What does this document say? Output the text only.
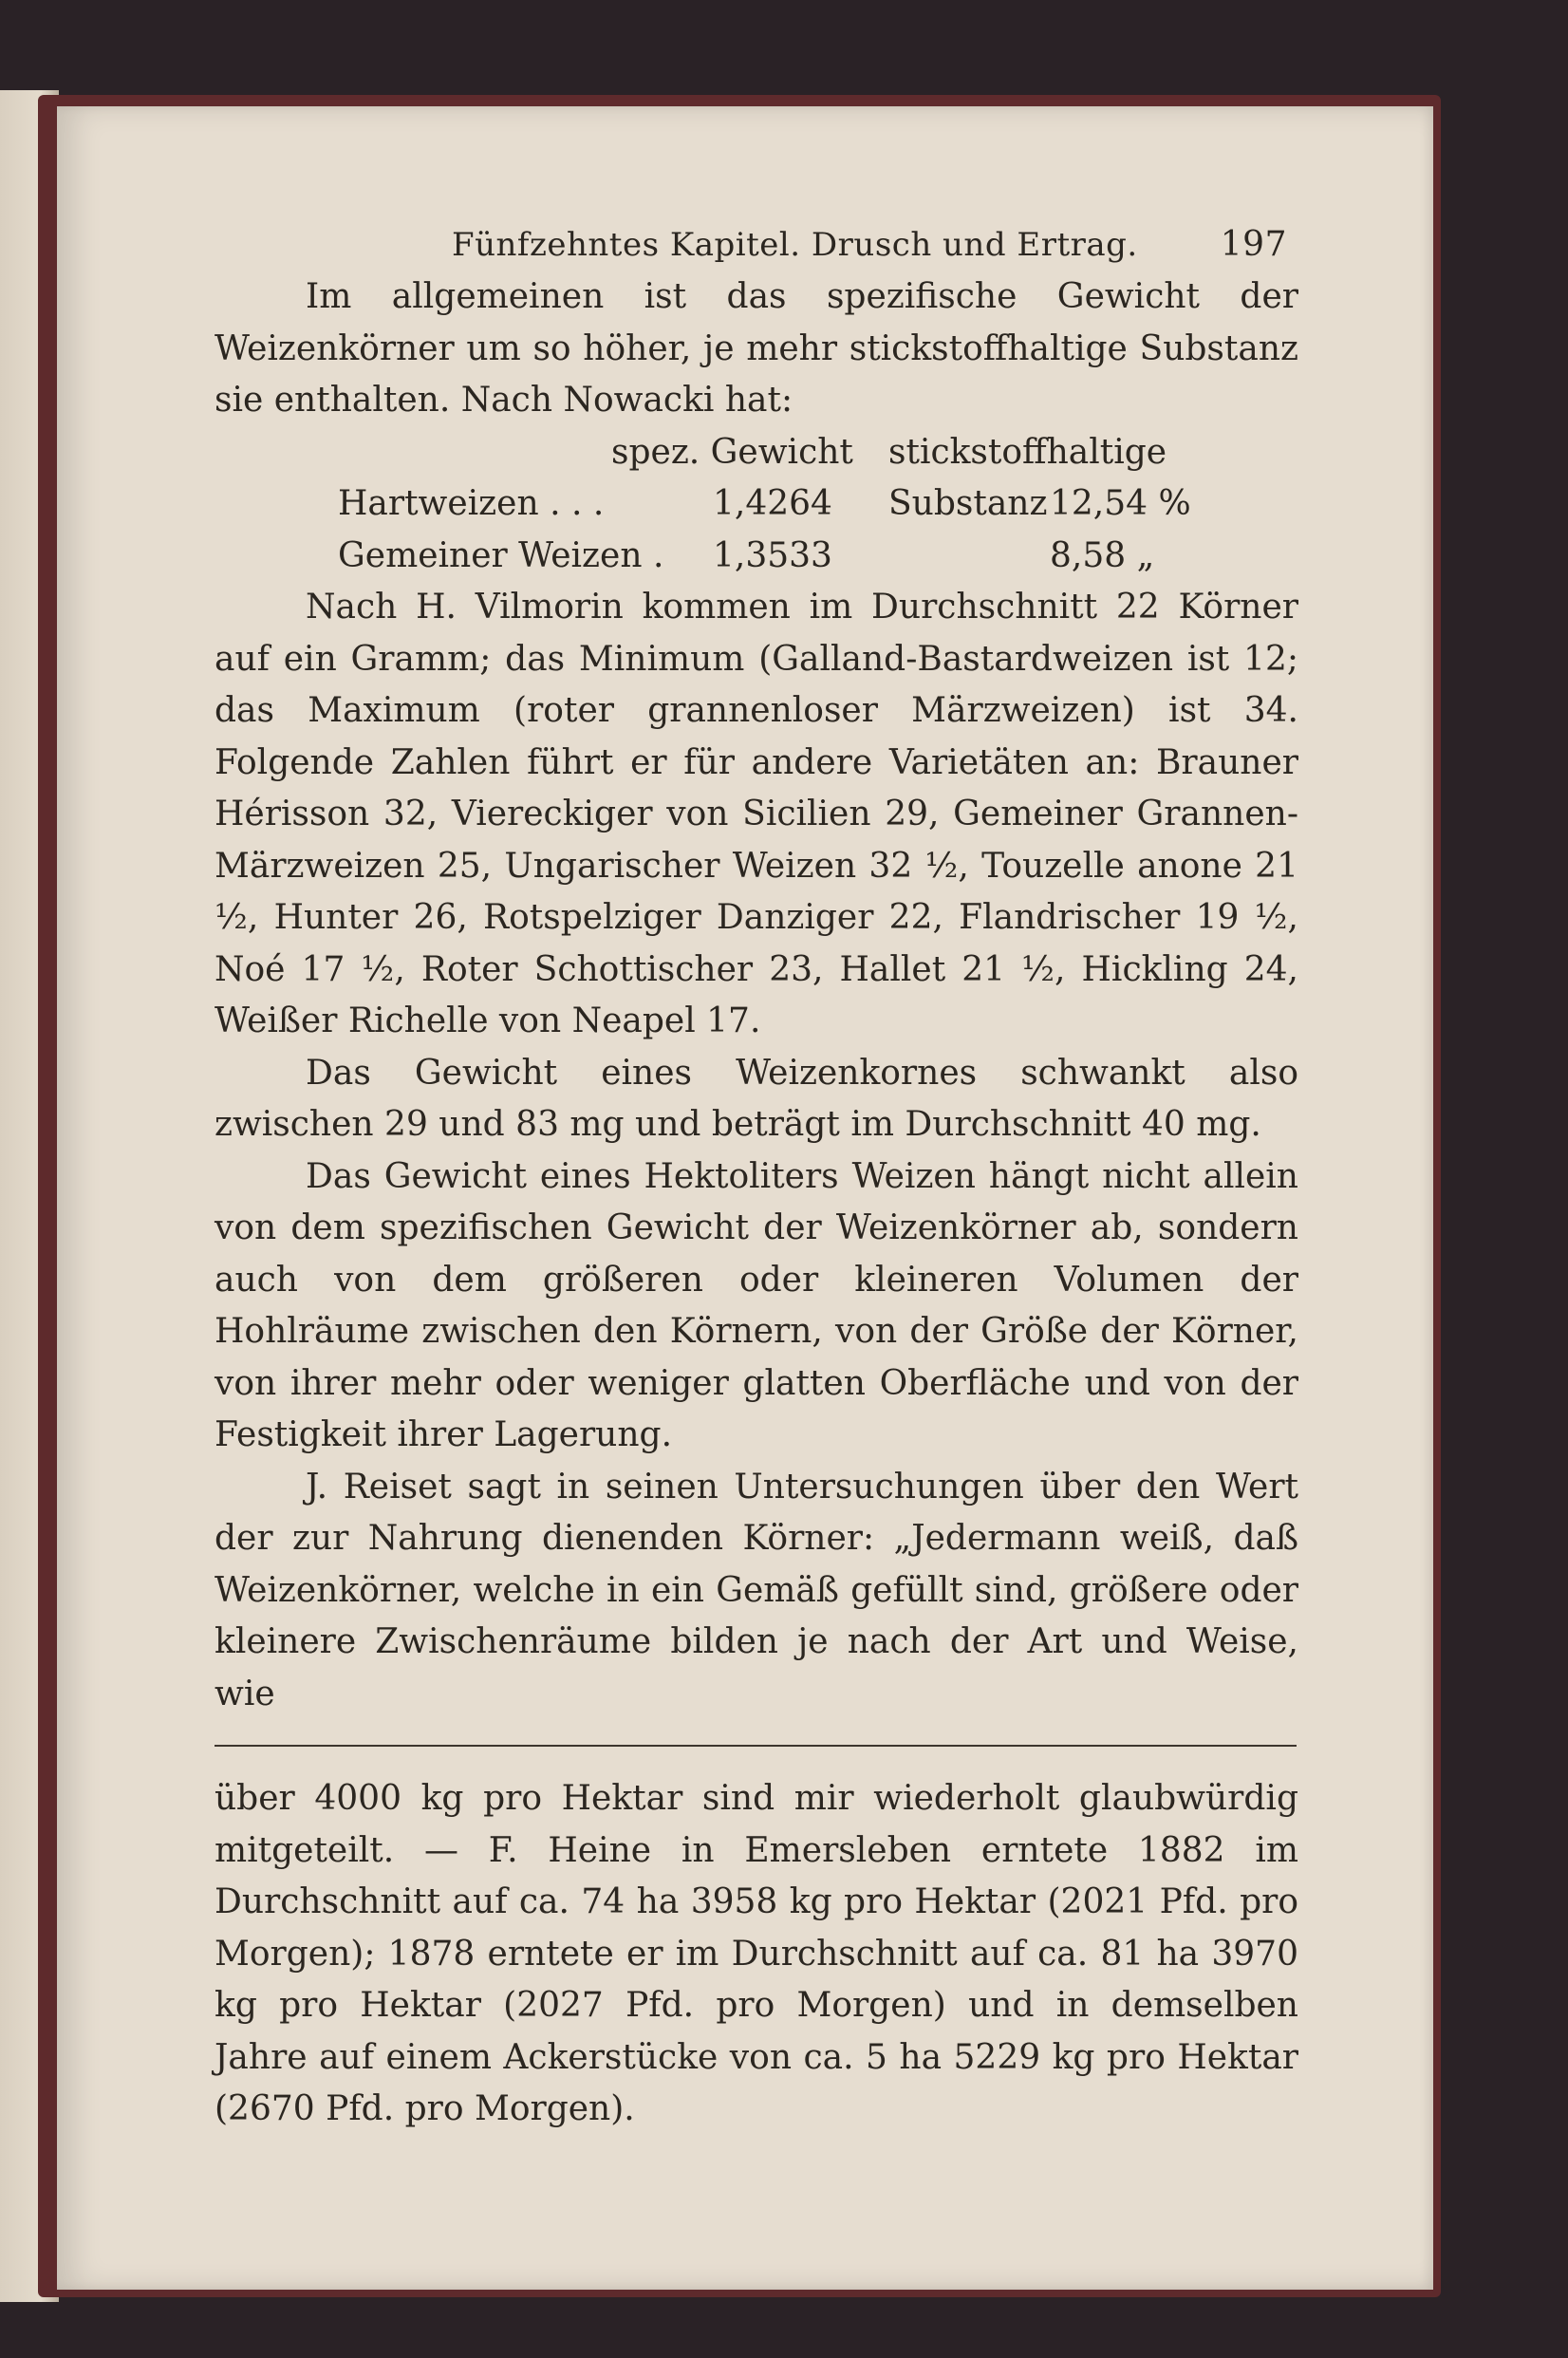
Fünfzehntes Kapitel. Drusch und Ertrag. 197

Im allgemeinen ist das spezifische Gewicht der Weizenkörner um so höher, je mehr stickstoffhaltige Substanz sie enthalten. Nach Nowacki hat:

spez. Gewicht stickstoffhaltige Substanz
Hartweizen . . .	1,4264	12,54 %
Gemeiner Weizen . 1,3533	8,58 „

Nach H. Vilmorin kommen im Durchschnitt 22 Körner auf ein Gramm; das Minimum (Galland-Bastardweizen ist 12; das Maximum (roter grannenloser Märzweizen) ist 34. Folgende Zahlen führt er für andere Varietäten an: Brauner Hérisson 32, Viereckiger von Sicilien 29, Gemeiner Grannen-Märzweizen 25, Ungarischer Weizen 32 ½, Touzelle anone 21 ½, Hunter 26, Rotspelziger Danziger 22, Flandrischer 19 ½, Noé 17 ½, Roter Schottischer 23, Hallet 21 ½, Hickling 24, Weißer Richelle von Neapel 17.

Das Gewicht eines Weizenkornes schwankt also zwischen 29 und 83 mg und beträgt im Durchschnitt 40 mg.

Das Gewicht eines Hektoliters Weizen hängt nicht allein von dem spezifischen Gewicht der Weizenkörner ab, sondern auch von dem größeren oder kleineren Volumen der Hohlräume zwischen den Körnern, von der Größe der Körner, von ihrer mehr oder weniger glatten Oberfläche und von der Festigkeit ihrer Lagerung.

J. Reiset sagt in seinen Untersuchungen über den Wert der zur Nahrung dienenden Körner: „Jedermann weiß, daß Weizenkörner, welche in ein Gemäß gefüllt sind, größere oder kleinere Zwischenräume bilden je nach der Art und Weise, wie

über 4000 kg pro Hektar sind mir wiederholt glaubwürdig mitgeteilt. — F. Heine in Emersleben erntete 1882 im Durchschnitt auf ca. 74 ha 3958 kg pro Hektar (2021 Pfd. pro Morgen); 1878 erntete er im Durchschnitt auf ca. 81 ha 3970 kg pro Hektar (2027 Pfd. pro Morgen) und in demselben Jahre auf einem Ackerstücke von ca. 5 ha 5229 kg pro Hektar (2670 Pfd. pro Morgen).
